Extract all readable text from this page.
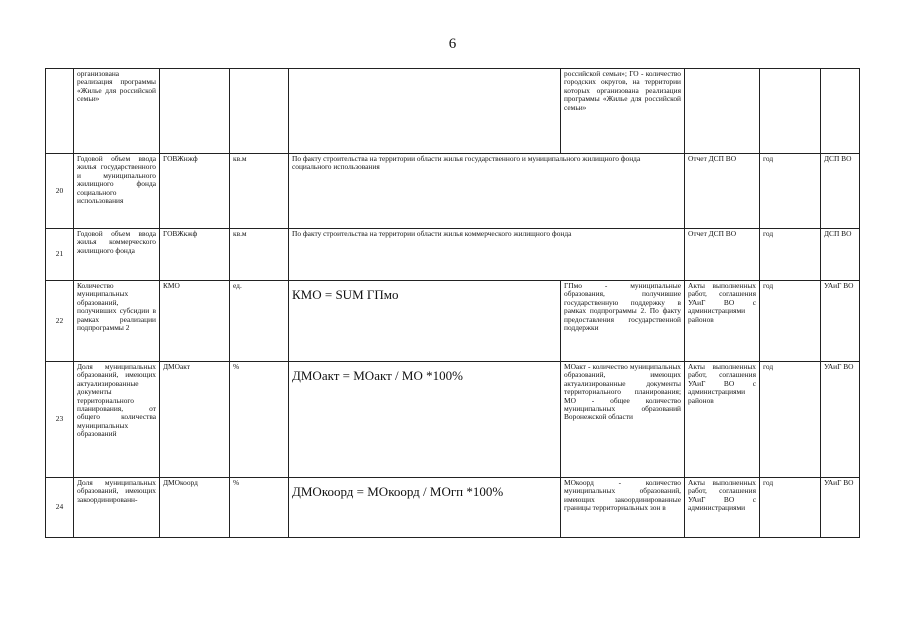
6
	организована реализация программы «Жилье для российской семьи»				российской семьи»; ГО - количество городских округов, на территории которых организована реализация программы «Жилье для российской семьи»			
20	Годовой объем ввода жилья государственного и муниципального жилищного фонда социального использования	ГОВЖнжф	кв.м	По факту строительства на территории области жилья государственного и муниципального жилищного фонда социального использования		Отчет ДСП ВО	год	ДСП ВО
21	Годовой объем ввода жилья коммерческого жилищного фонда	ГОВЖкжф	кв.м	По факту строительства на территории области жилья коммерческого жилищного фонда		Отчет ДСП ВО	год	ДСП ВО
22	Количество муниципальных образований, получивших субсидии в рамках реализации подпрограммы 2	КМО	ед.	КМО = SUM ГПмо	ГПмо - муниципальные образования, получившие государственную поддержку в рамках подпрограммы 2. По факту предоставления государственной поддержки	Акты выполненных работ, соглашения УАиГ ВО с администрациями районов	год	УАиГ ВО
23	Доля муниципальных образований, имеющих актуализированные документы территориального планирования, от общего количества муниципальных образований	ДМОакт	%	ДМОакт = МОакт / МО *100%	МОакт - количество муниципальных образований, имеющих актуализированные документы территориального планирования; МО - общее количество муниципальных образований Воронежской области	Акты выполненных работ, соглашения УАиГ ВО с администрациями районов	год	УАиГ ВО
24	Доля муниципальных образований, имеющих закоординированн-	ДМОкоорд	%	ДМОкоорд = МОкоорд / МОгп *100%	МОкоорд - количество муниципальных образований, имеющих закоординированные границы территориальных зон в	Акты выполненных работ, соглашения УАиГ ВО с администрациями	год	УАиГ ВО
